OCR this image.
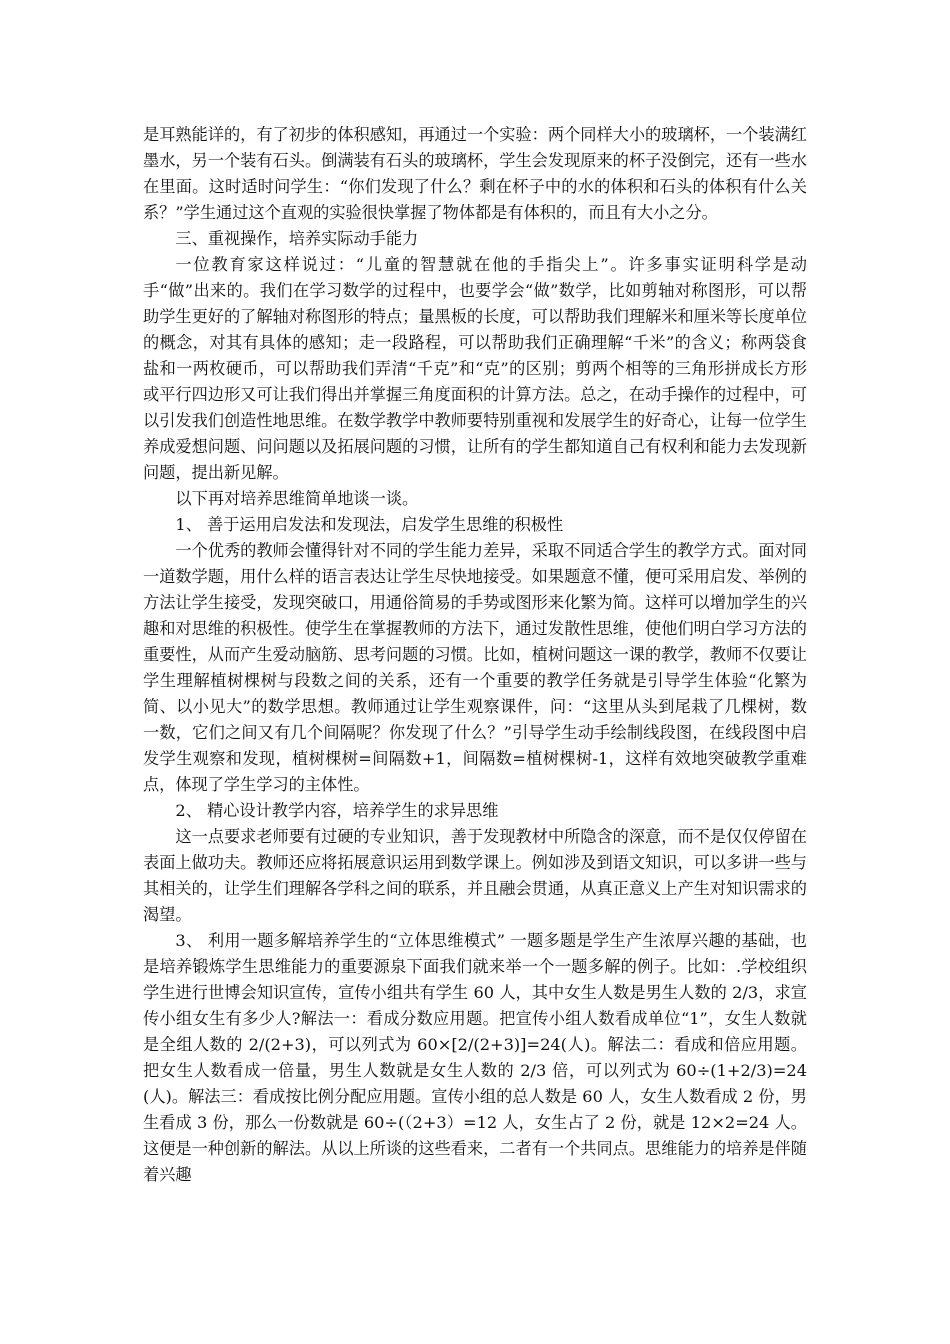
是耳熟能详的，有了初步的体积感知，再通过一个实验：两个同样大小的玻璃杯，一个装满红墨水，另一个装有石头。倒满装有石头的玻璃杯，学生会发现原来的杯子没倒完，还有一些水在里面。这时适时问学生：“你们发现了什么？剩在杯子中的水的体积和石头的体积有什么关系？”学生通过这个直观的实验很快掌握了物体都是有体积的，而且有大小之分。

三、重视操作，培养实际动手能力

一位教育家这样说过：“儿童的智慧就在他的手指尖上”。许多事实证明科学是动手“做”出来的。我们在学习数学的过程中，也要学会“做”数学，比如剪轴对称图形，可以帮助学生更好的了解轴对称图形的特点；量黑板的长度，可以帮助我们理解米和厘米等长度单位的概念，对其有具体的感知；走一段路程，可以帮助我们正确理解“千米”的含义；称两袋食盐和一两枚硬币，可以帮助我们弄清“千克”和“克”的区别；剪两个相等的三角形拼成长方形或平行四边形又可让我们得出并掌握三角度面积的计算方法。总之，在动手操作的过程中，可以引发我们创造性地思维。在数学教学中教师要特别重视和发展学生的好奇心，让每一位学生养成爱想问题、问问题以及拓展问题的习惯，让所有的学生都知道自己有权利和能力去发现新问题，提出新见解。

以下再对培养思维简单地谈一谈。

1、 善于运用启发法和发现法，启发学生思维的积极性

一个优秀的教师会懂得针对不同的学生能力差异，采取不同适合学生的教学方式。面对同一道数学题，用什么样的语言表达让学生尽快地接受。如果题意不懂，便可采用启发、举例的方法让学生接受，发现突破口，用通俗简易的手势或图形来化繁为简。这样可以增加学生的兴趣和对思维的积极性。使学生在掌握教师的方法下，通过发散性思维，使他们明白学习方法的重要性，从而产生爱动脑筋、思考问题的习惯。比如，植树问题这一课的教学，教师不仅要让学生理解植树棵树与段数之间的关系，还有一个重要的教学任务就是引导学生体验“化繁为简、以小见大”的数学思想。教师通过让学生观察课件，问：“这里从头到尾栽了几棵树，数一数，它们之间又有几个间隔呢？你发现了什么？”引导学生动手绘制线段图，在线段图中启发学生观察和发现，植树棵树=间隔数+1，间隔数=植树棵树-1，这样有效地突破教学重难点，体现了学生学习的主体性。

2、 精心设计教学内容，培养学生的求异思维

这一点要求老师要有过硬的专业知识，善于发现教材中所隐含的深意，而不是仅仅停留在表面上做功夫。教师还应将拓展意识运用到数学课上。例如涉及到语文知识，可以多讲一些与其相关的，让学生们理解各学科之间的联系，并且融会贯通，从真正意义上产生对知识需求的渴望。

3、 利用一题多解培养学生的“立体思维模式” 一题多题是学生产生浓厚兴趣的基础，也是培养锻炼学生思维能力的重要源泉下面我们就来举一个一题多解的例子。比如：.学校组织学生进行世博会知识宣传，宣传小组共有学生 60 人，其中女生人数是男生人数的 2/3，求宣传小组女生有多少人?解法一：看成分数应用题。把宣传小组人数看成单位“1”，女生人数就是全组人数的 2/(2+3)，可以列式为 60×[2/(2+3)]=24(人)。解法二：看成和倍应用题。把女生人数看成一倍量，男生人数就是女生人数的 2/3 倍，可以列式为 60÷(1+2/3)=24(人)。解法三：看成按比例分配应用题。宣传小组的总人数是 60 人，女生人数看成 2 份，男生看成 3 份，那么一份数就是 60÷(（2+3）=12 人，女生占了 2 份，就是 12×2=24 人。这便是一种创新的解法。从以上所谈的这些看来，二者有一个共同点。思维能力的培养是伴随着兴趣
